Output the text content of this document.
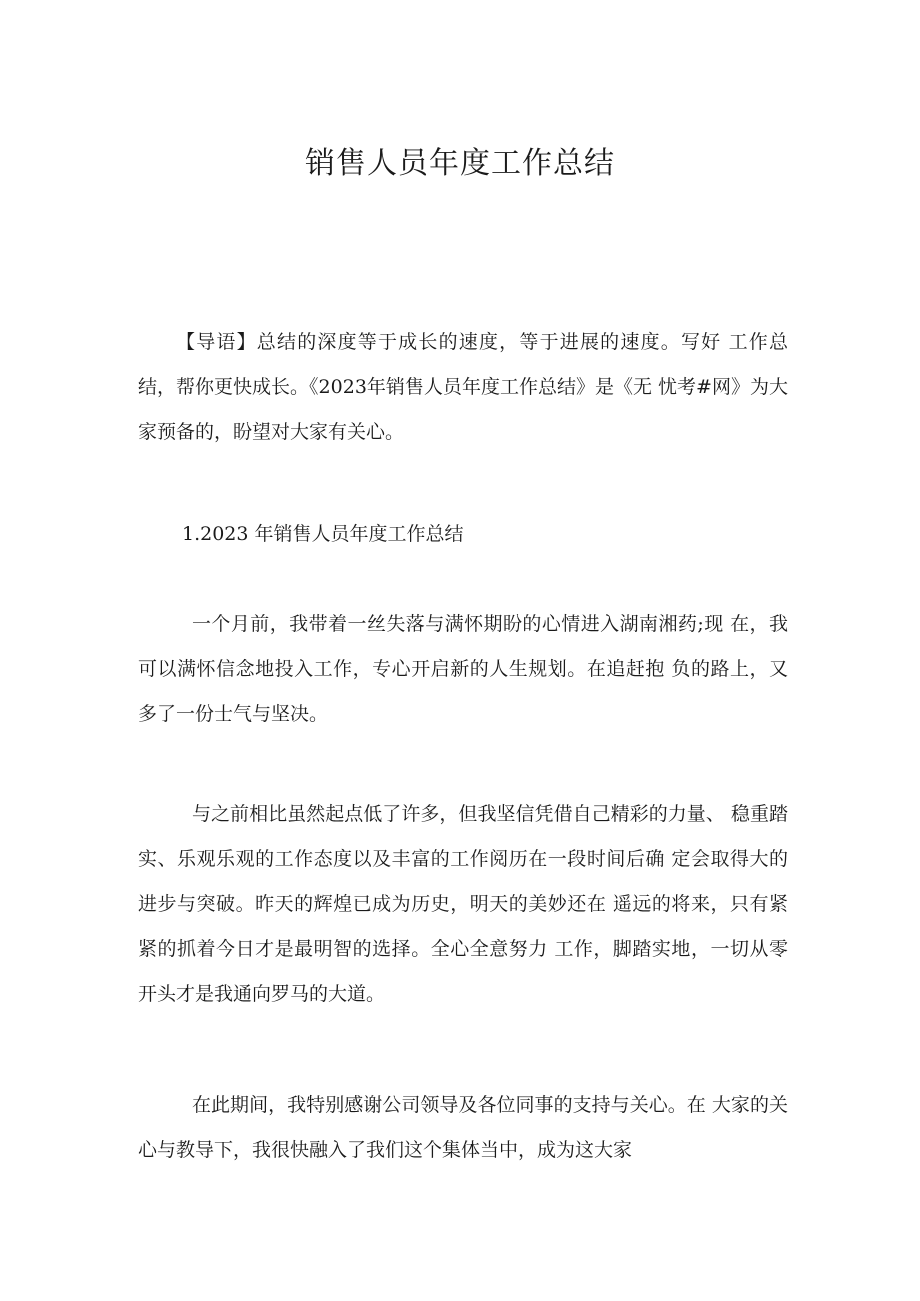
销售人员年度工作总结

【导语】总结的深度等于成长的速度，等于进展的速度。写好 工作总结，帮你更快成长。《2023年销售人员年度工作总结》是《无 忧考#网》为大家预备的，盼望对大家有关心。

1.2023 年销售人员年度工作总结

一个月前，我带着一丝失落与满怀期盼的心情进入湖南湘药;现 在，我可以满怀信念地投入工作，专心开启新的人生规划。在追赶抱 负的路上，又多了一份士气与坚决。

与之前相比虽然起点低了许多，但我坚信凭借自己精彩的力量、 稳重踏实、乐观乐观的工作态度以及丰富的工作阅历在一段时间后确 定会取得大的进步与突破。昨天的辉煌已成为历史，明天的美妙还在 遥远的将来，只有紧紧的抓着今日才是最明智的选择。全心全意努力 工作，脚踏实地，一切从零开头才是我通向罗马的大道。

在此期间，我特别感谢公司领导及各位同事的支持与关心。在 大家的关心与教导下，我很快融入了我们这个集体当中，成为这大家
